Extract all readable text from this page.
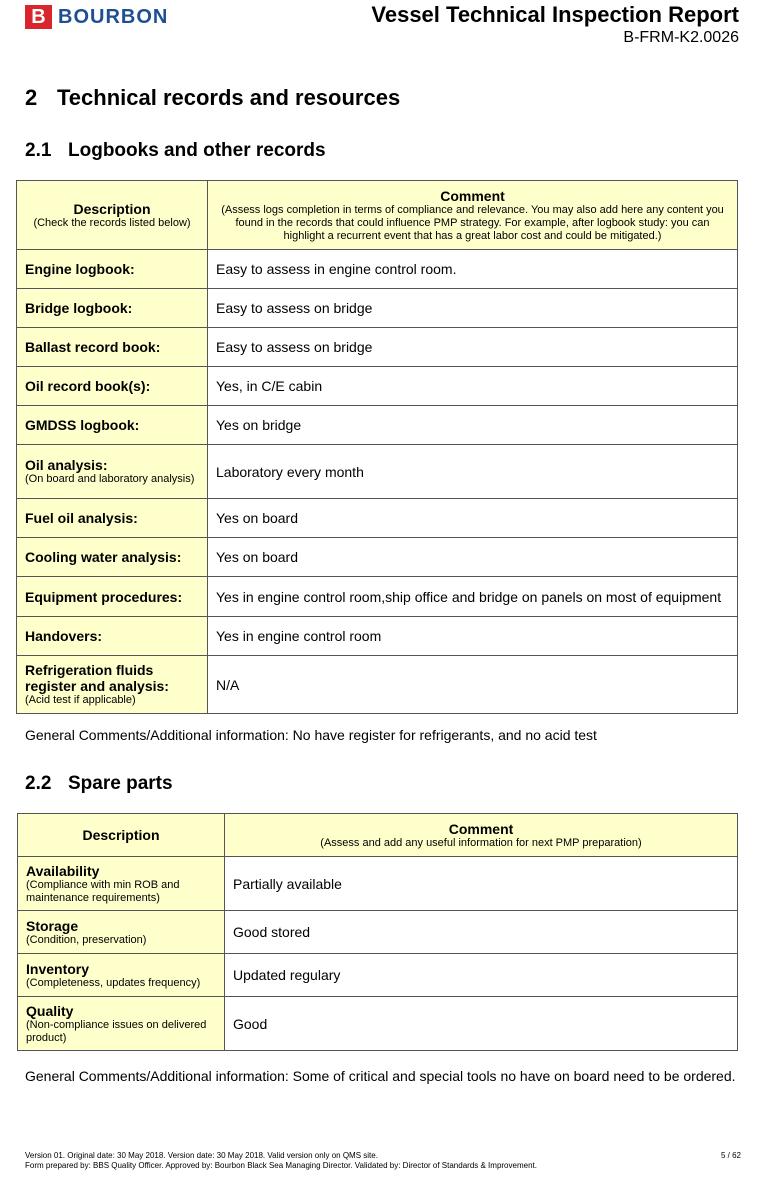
B BOURBON	Vessel Technical Inspection Report
B-FRM-K2.0026
2 Technical records and resources
2.1 Logbooks and other records
Description
(Check the records listed below)	Comment
(Assess logs completion in terms of compliance and relevance. You may also add here any content you found in the records that could influence PMP strategy. For example, after logbook study: you can highlight a recurrent event that has a great labor cost and could be mitigated.)

Engine logbook:	Easy to assess in engine control room.
Bridge logbook:	Easy to assess on bridge
Ballast record book:	Easy to assess on bridge
Oil record book(s):	Yes, in C/E cabin
GMDSS logbook:	Yes on bridge
Oil analysis:
(On board and laboratory analysis)	Laboratory every month
Fuel oil analysis:	Yes on board
Cooling water analysis:	Yes on board
Equipment procedures:	Yes in engine control room,ship office and bridge on panels on most of equipment
Handovers:	Yes in engine control room
Refrigeration fluids register and analysis:
(Acid test if applicable)	N/A
General Comments/Additional information: No have register for refrigerants, and no acid test
2.2 Spare parts
Description	Comment
(Assess and add any useful information for next PMP preparation)

Availability
(Compliance with min ROB and maintenance requirements)	Partially available
Storage
(Condition, preservation)	Good stored
Inventory
(Completeness, updates frequency)	Updated regulary
Quality
(Non-compliance issues on delivered product)	Good
General Comments/Additional information: Some of critical and special tools no have on board need to be ordered.
Version 01. Original date: 30 May 2018. Version date: 30 May 2018. Valid version only on QMS site.
Form prepared by: BBS Quality Officer. Approved by: Bourbon Black Sea Managing Director. Validated by: Director of Standards & Improvement.
5 / 62
